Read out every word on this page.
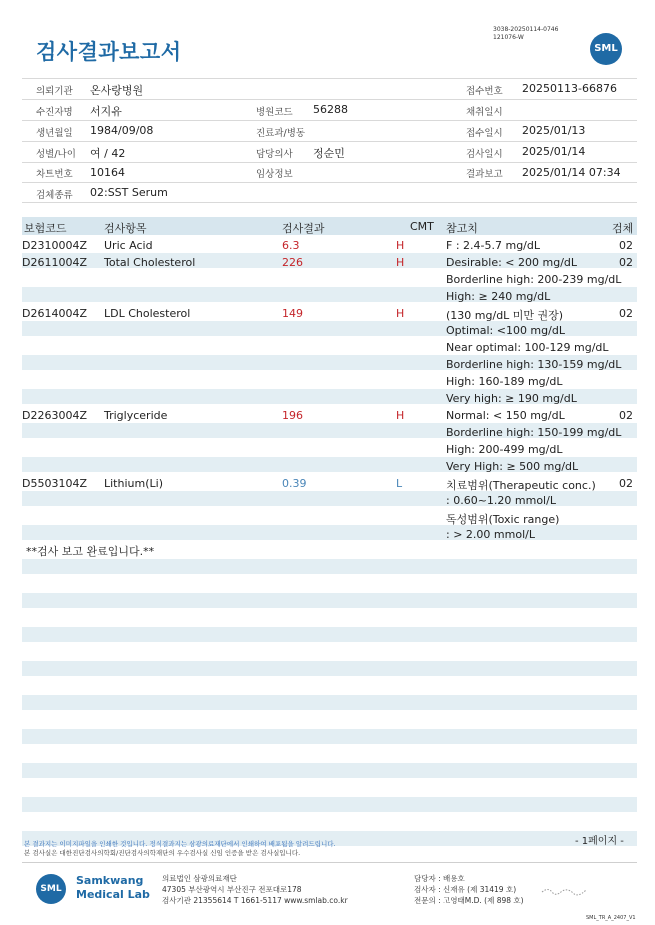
검사결과보고서
3038-20250114-0746
121076-W
SML
의뢰기관 온사랑병원	접수번호 20250113-66876
수진자명 서지유	병원코드 56288	채취일시
생년월일 1984/09/08	진료과/병동	접수일시 2025/01/13
성별/나이 여 / 42	담당의사 정순민	검사일시 2025/01/14
차트번호 10164	임상정보	결과보고 2025/01/14 07:34
검체종류 02:SST Serum
보험코드	검사항목	검사결과	CMT 참고치	검체
D2310004Z Uric Acid	6.3	H	F : 2.4-5.7 mg/dL	02
D2611004Z Total Cholesterol	226	H	Desirable: < 200 mg/dL	02
Borderline high: 200-239 mg/dL
High: ≥ 240 mg/dL
D2614004Z LDL Cholesterol	149	H	(130 mg/dL 미만 권장)	02
Optimal: <100 mg/dL
Near optimal: 100-129 mg/dL
Borderline high: 130-159 mg/dL
High: 160-189 mg/dL
Very high: ≥ 190 mg/dL
D2263004Z Triglyceride	196	H	Normal: < 150 mg/dL	02
Borderline high: 150-199 mg/dL
High: 200-499 mg/dL
Very High: ≥ 500 mg/dL
D5503104Z Lithium(Li)	0.39	L	치료범위(Therapeutic conc.) 02
: 0.60~1.20 mmol/L
독성범위(Toxic range)
: > 2.00 mmol/L
**검사 보고 완료입니다.**
- 1페이지 -
본 결과지는 이미지파일을 인쇄한 것입니다. 정식결과지는 삼광의료재단에서 인쇄하여 배포됨을 알려드립니다.
본 검사실은 대한진단검사의학회/진단검사의학재단의 우수검사실 신임 인증을 받은 검사실입니다.
SML
Samkwang
Medical Lab
의료법인 삼광의료재단
47305 부산광역시 부산진구 전포대로178
검사기관 21355614 T 1661-5117 www.smlab.co.kr
담당자 : 배용호
검사자 : 신재유 (제 31419 호)
전문의 : 고영태M.D. (제 898 호)
SML_TR_A_2407_V1
